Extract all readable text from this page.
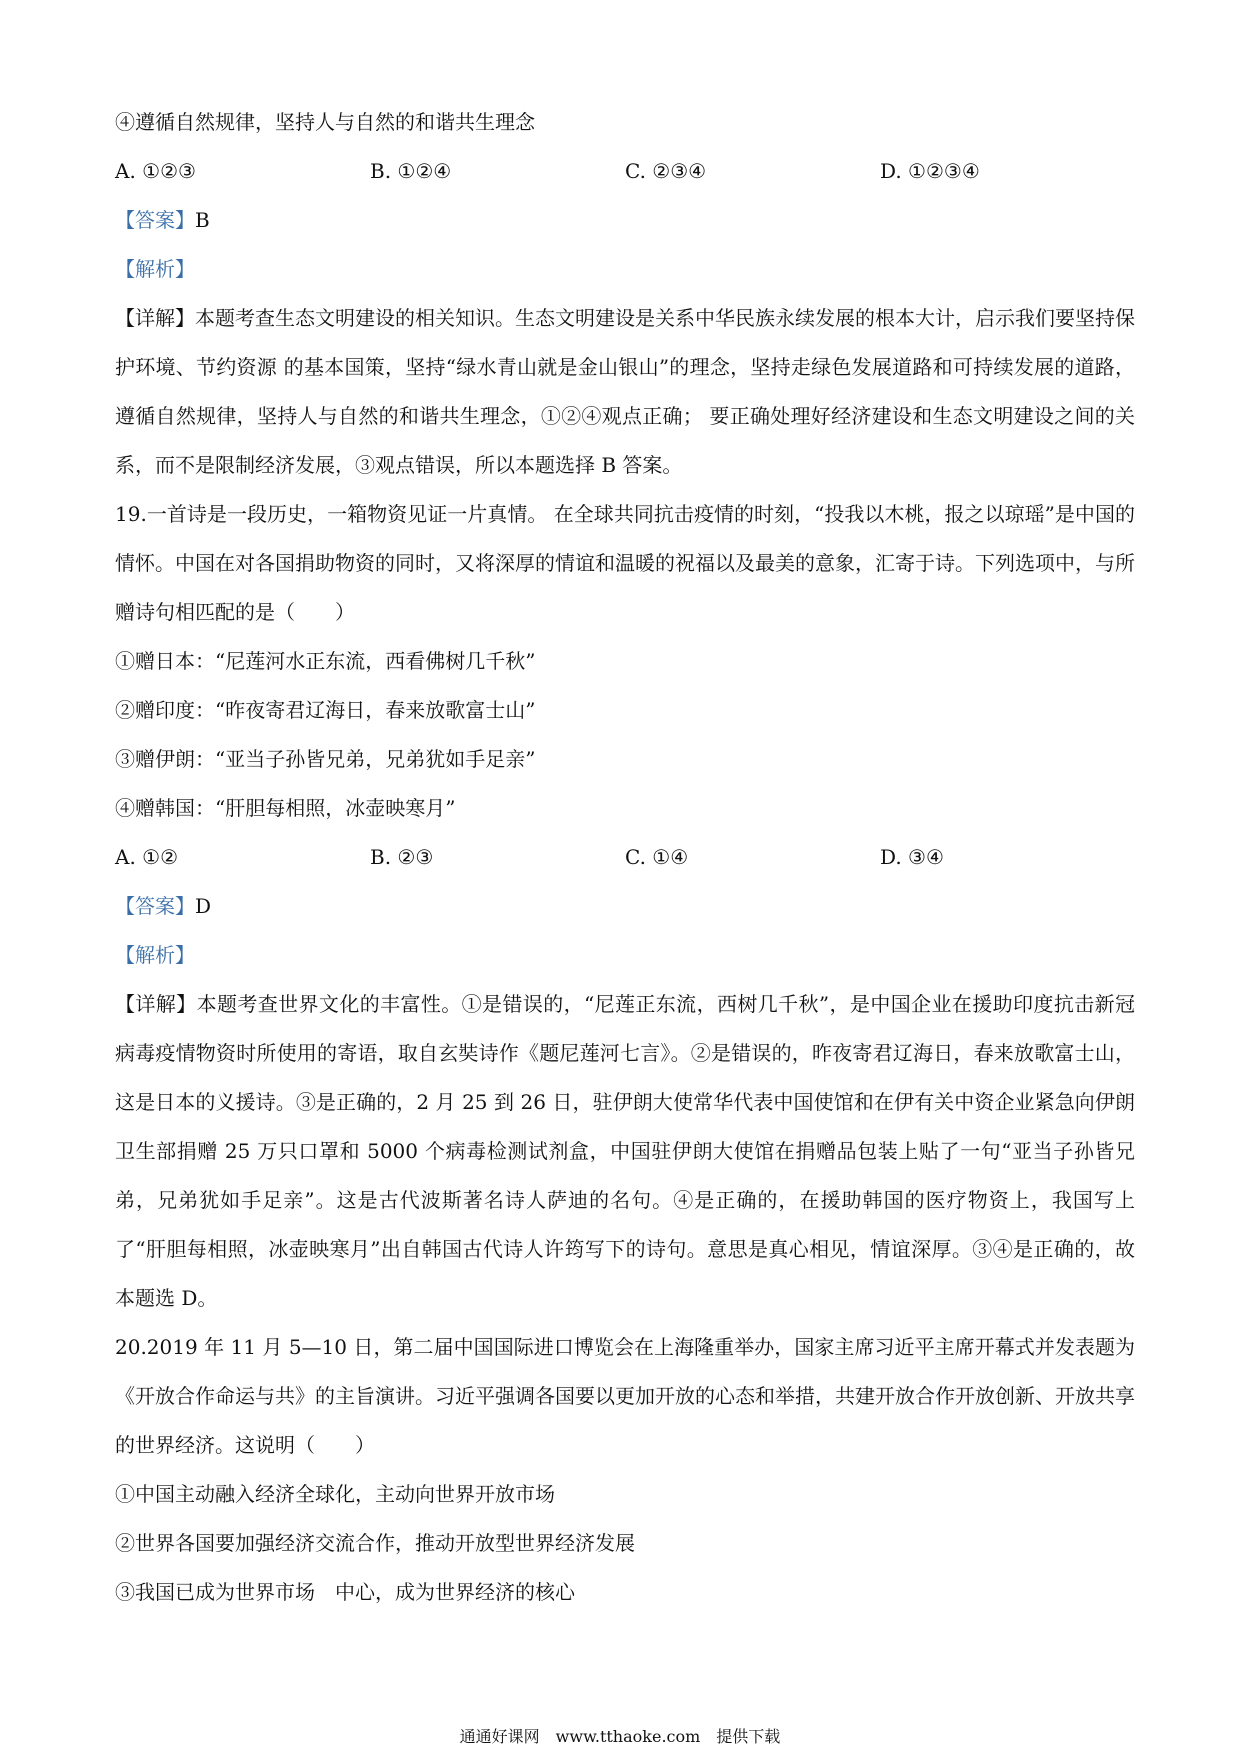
④遵循自然规律，坚持人与自然的和谐共生理念
A. ①②③	B. ①②④	C. ②③④	D. ①②③④
【答案】B
【解析】
【详解】本题考查生态文明建设的相关知识。生态文明建设是关系中华民族永续发展的根本大计，启示我们要坚持保护环境、节约资源 的基本国策，坚持“绿水青山就是金山银山”的理念，坚持走绿色发展道路和可持续发展的道路，遵循自然规律，坚持人与自然的和谐共生理念，①②④观点正确； 要正确处理好经济建设和生态文明建设之间的关系，而不是限制经济发展，③观点错误，所以本题选择 B 答案。
19.一首诗是一段历史，一箱物资见证一片真情。 在全球共同抗击疫情的时刻，“投我以木桃，报之以琼瑶”是中国的情怀。中国在对各国捐助物资的同时，又将深厚的情谊和温暖的祝福以及最美的意象，汇寄于诗。下列选项中，与所赠诗句相匹配的是（　　）
①赠日本：“尼莲河水正东流，西看佛树几千秋”
②赠印度：“昨夜寄君辽海日，春来放歌富士山”
③赠伊朗：“亚当子孙皆兄弟，兄弟犹如手足亲”
④赠韩国：“肝胆每相照，冰壶映寒月”
A. ①②	B. ②③	C. ①④	D. ③④
【答案】D
【解析】
【详解】本题考查世界文化的丰富性。①是错误的，“尼莲正东流，西树几千秋”，是中国企业在援助印度抗击新冠病毒疫情物资时所使用的寄语，取自玄奘诗作《题尼莲河七言》。②是错误的，昨夜寄君辽海日，春来放歌富士山，这是日本的义援诗。③是正确的，2 月 25 到 26 日，驻伊朗大使常华代表中国使馆和在伊有关中资企业紧急向伊朗卫生部捐赠 25 万只口罩和 5000 个病毒检测试剂盒，中国驻伊朗大使馆在捐赠品包装上贴了一句“亚当子孙皆兄弟，兄弟犹如手足亲”。这是古代波斯著名诗人萨迪的名句。④是正确的，在援助韩国的医疗物资上，我国写上了“肝胆每相照，冰壶映寒月”出自韩国古代诗人许筠写下的诗句。意思是真心相见，情谊深厚。③④是正确的，故本题选 D。
20.2019 年 11 月 5—10 日，第二届中国国际进口博览会在上海隆重举办，国家主席习近平主席开幕式并发表题为《开放合作命运与共》的主旨演讲。习近平强调各国要以更加开放的心态和举措，共建开放合作开放创新、开放共享的世界经济。这说明（　　）
①中国主动融入经济全球化，主动向世界开放市场
②世界各国要加强经济交流合作，推动开放型世界经济发展
③我国已成为世界市场　中心，成为世界经济的核心
通通好课网　www.tthaoke.com　提供下载
